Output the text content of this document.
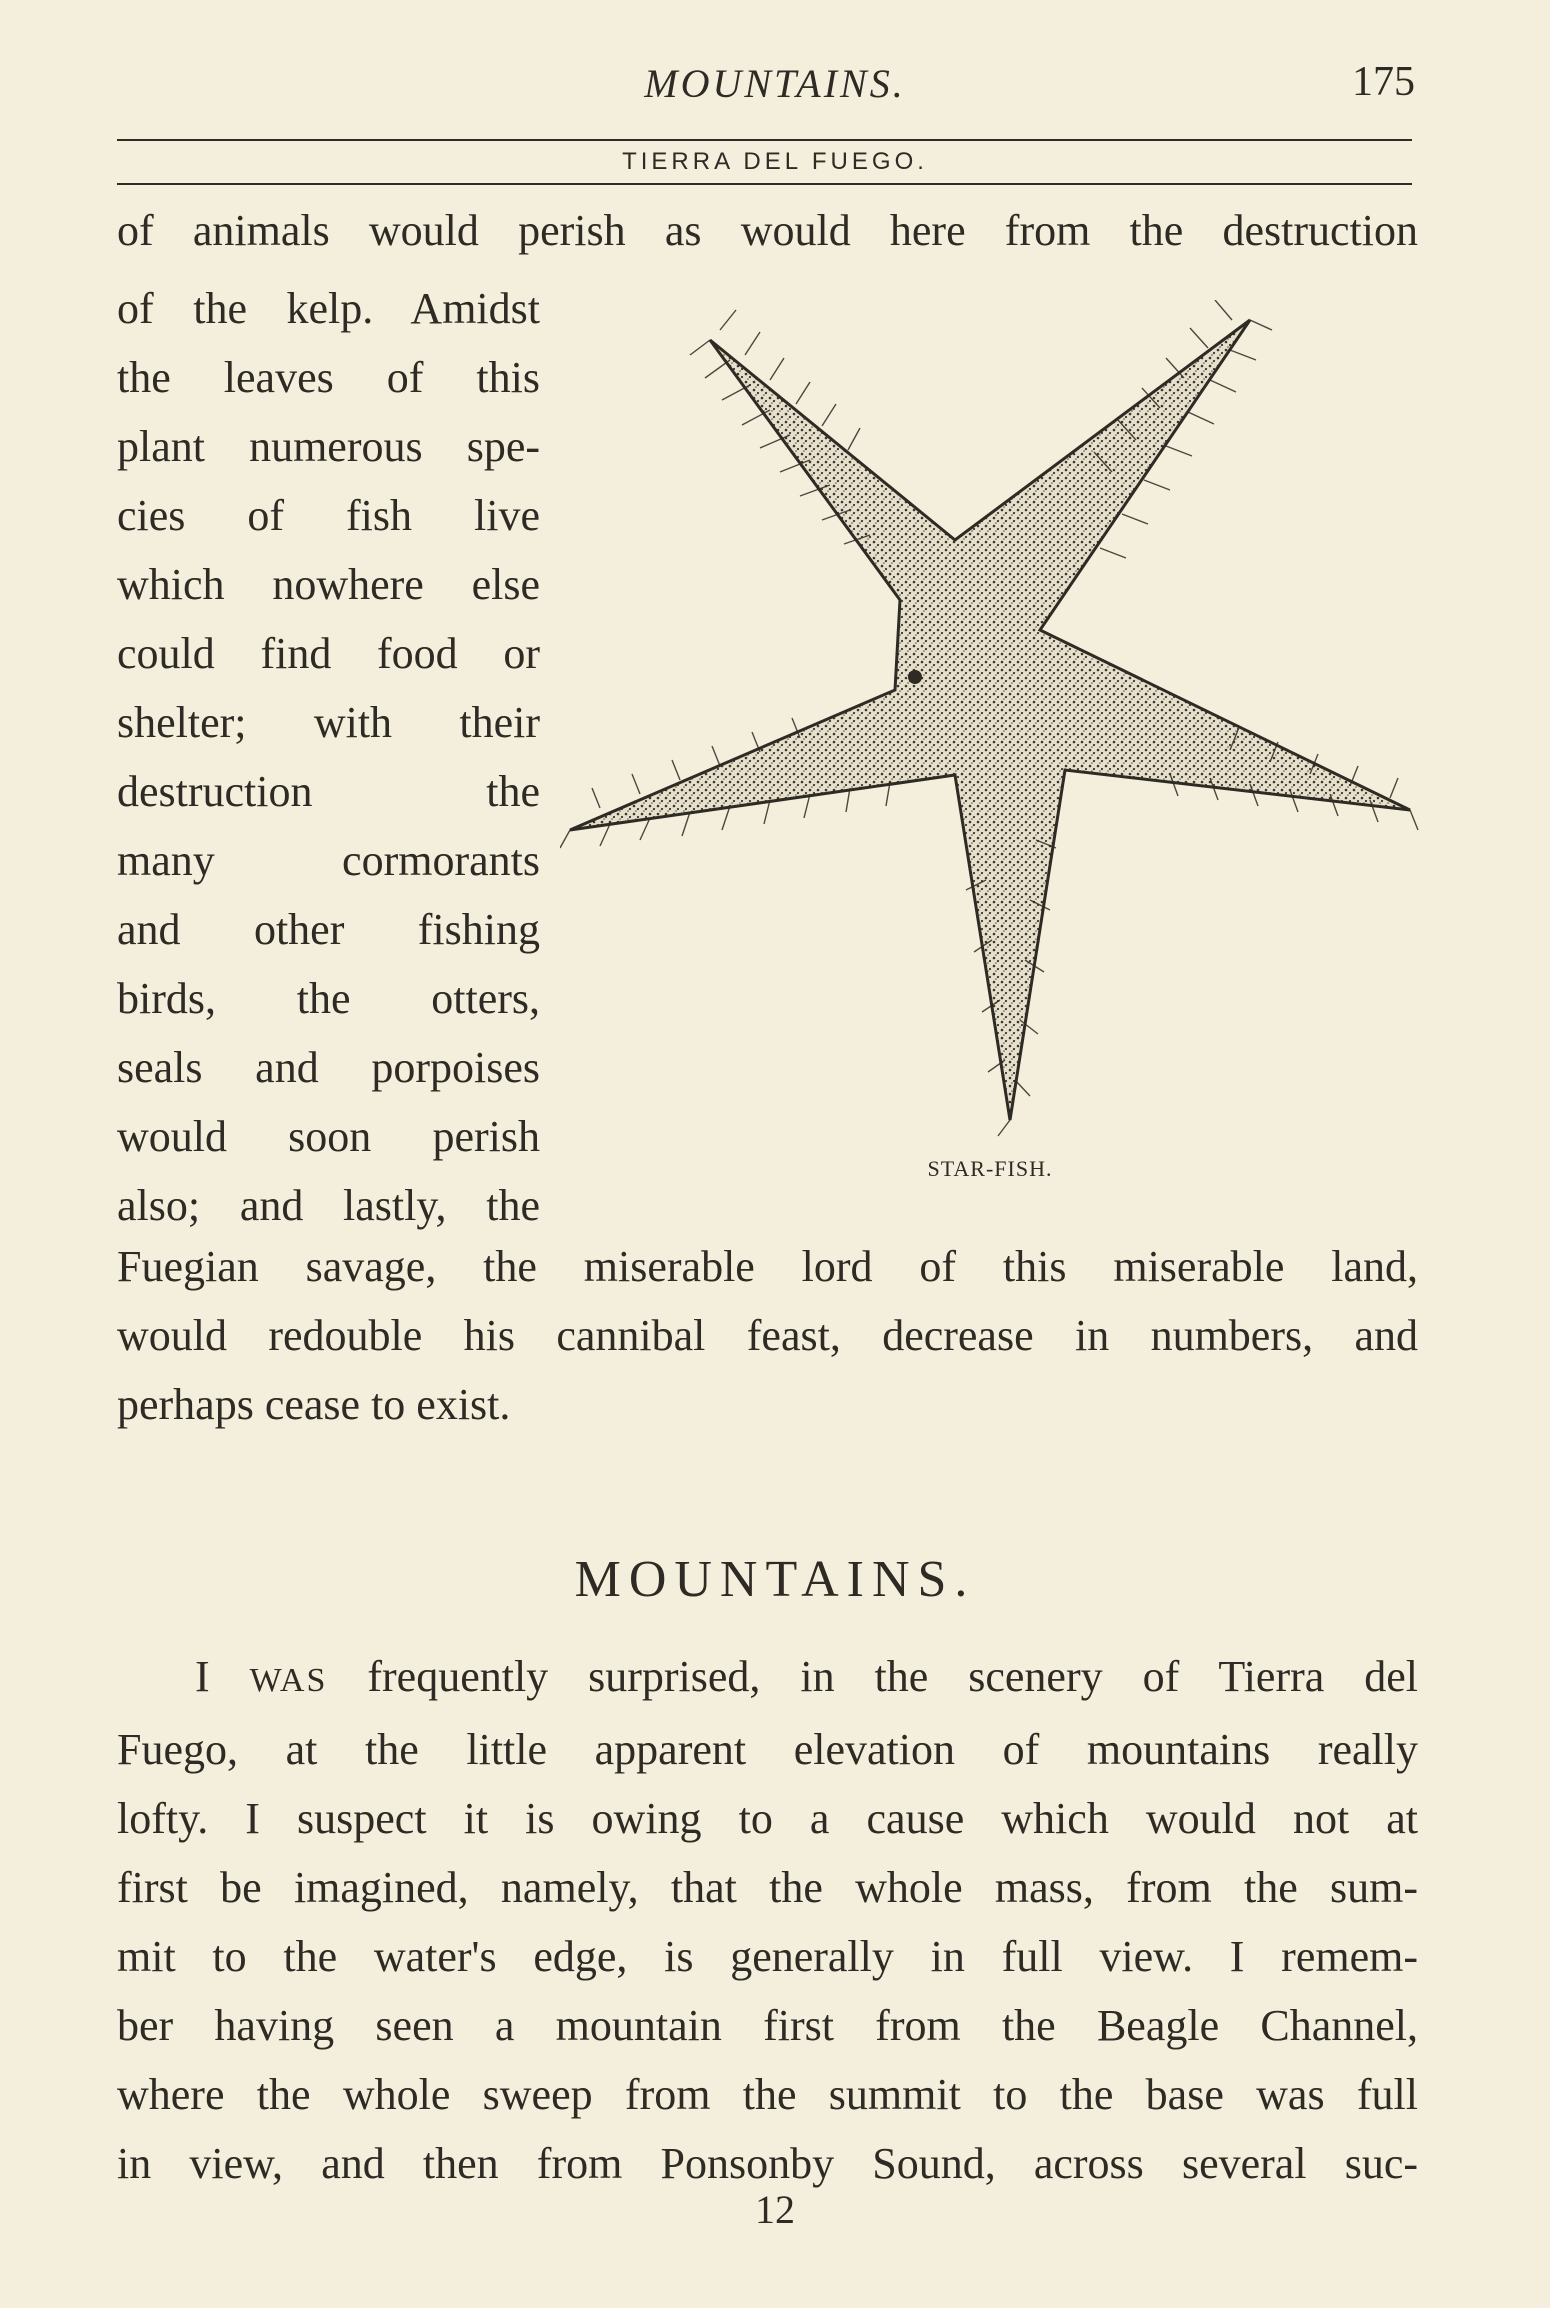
MOUNTAINS.	175
TIERRA DEL FUEGO.
of animals would perish as would here from the destruction
of the kelp. Amidst
the leaves of this
plant numerous spe-
cies of fish live
which nowhere else
could find food or
shelter; with their
destruction the
many cormorants
and other fishing
birds, the otters,
seals and porpoises
would soon perish
also; and lastly, the
STAR-FISH.
Fuegian savage, the miserable lord of this miserable land,
would redouble his cannibal feast, decrease in numbers, and
perhaps cease to exist.
MOUNTAINS.
I WAS frequently surprised, in the scenery of Tierra del
Fuego, at the little apparent elevation of mountains really
lofty. I suspect it is owing to a cause which would not at
first be imagined, namely, that the whole mass, from the sum-
mit to the water's edge, is generally in full view. I remem-
ber having seen a mountain first from the Beagle Channel,
where the whole sweep from the summit to the base was full
in view, and then from Ponsonby Sound, across several suc-
12
